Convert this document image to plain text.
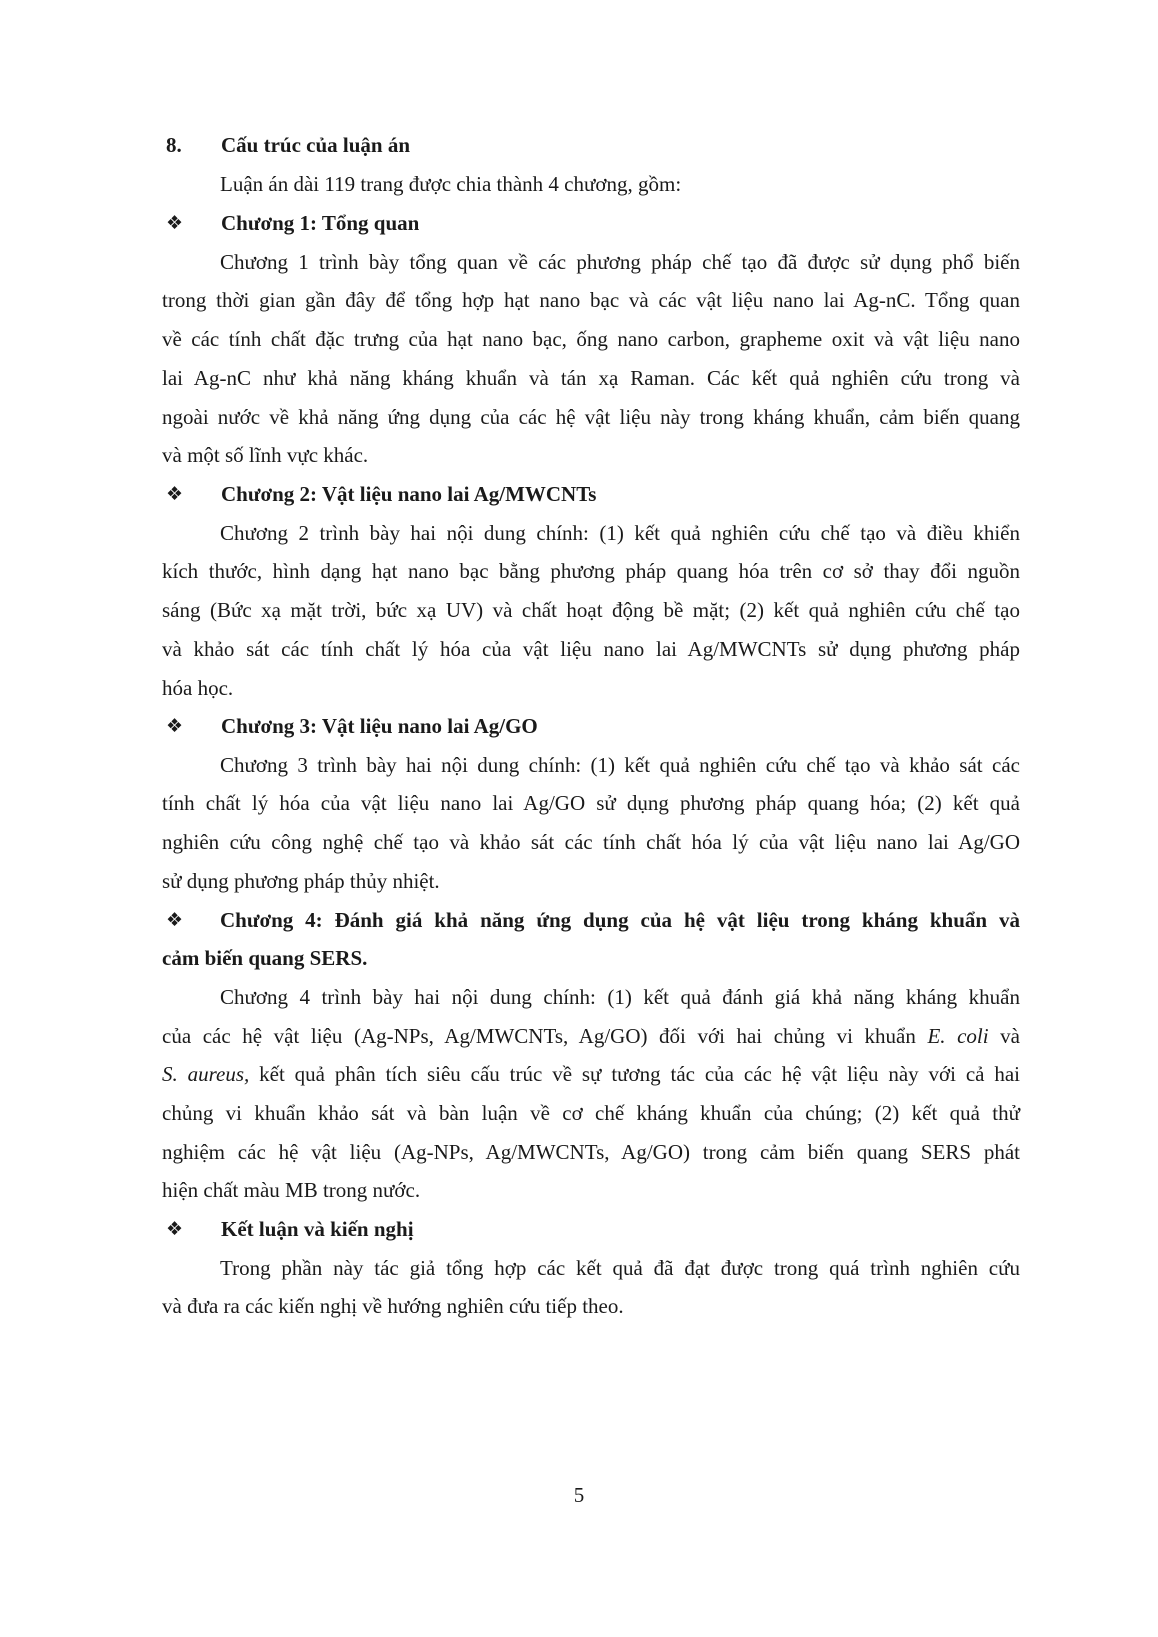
8. Cấu trúc của luận án
Luận án dài 119 trang được chia thành 4 chương, gồm:
❖ Chương 1: Tổng quan
Chương 1 trình bày tổng quan về các phương pháp chế tạo đã được sử dụng phổ biến
trong thời gian gần đây để tổng hợp hạt nano bạc và các vật liệu nano lai Ag-nC. Tổng quan
về các tính chất đặc trưng của hạt nano bạc, ống nano carbon, grapheme oxit và vật liệu nano
lai Ag-nC như khả năng kháng khuẩn và tán xạ Raman. Các kết quả nghiên cứu trong và
ngoài nước về khả năng ứng dụng của các hệ vật liệu này trong kháng khuẩn, cảm biến quang
và một số lĩnh vực khác.
❖ Chương 2: Vật liệu nano lai Ag/MWCNTs
Chương 2 trình bày hai nội dung chính: (1) kết quả nghiên cứu chế tạo và điều khiển
kích thước, hình dạng hạt nano bạc bằng phương pháp quang hóa trên cơ sở thay đổi nguồn
sáng (Bức xạ mặt trời, bức xạ UV) và chất hoạt động bề mặt; (2) kết quả nghiên cứu chế tạo
và khảo sát các tính chất lý hóa của vật liệu nano lai Ag/MWCNTs sử dụng phương pháp
hóa học.
❖ Chương 3: Vật liệu nano lai Ag/GO
Chương 3 trình bày hai nội dung chính: (1) kết quả nghiên cứu chế tạo và khảo sát các
tính chất lý hóa của vật liệu nano lai Ag/GO sử dụng phương pháp quang hóa; (2) kết quả
nghiên cứu công nghệ chế tạo và khảo sát các tính chất hóa lý của vật liệu nano lai Ag/GO
sử dụng phương pháp thủy nhiệt.
❖ Chương 4: Đánh giá khả năng ứng dụng của hệ vật liệu trong kháng khuẩn và
cảm biến quang SERS.
Chương 4 trình bày hai nội dung chính: (1) kết quả đánh giá khả năng kháng khuẩn
của các hệ vật liệu (Ag-NPs, Ag/MWCNTs, Ag/GO) đối với hai chủng vi khuẩn E. coli và
S. aureus, kết quả phân tích siêu cấu trúc về sự tương tác của các hệ vật liệu này với cả hai
chủng vi khuẩn khảo sát và bàn luận về cơ chế kháng khuẩn của chúng; (2) kết quả thử
nghiệm các hệ vật liệu (Ag-NPs, Ag/MWCNTs, Ag/GO) trong cảm biến quang SERS phát
hiện chất màu MB trong nước.
❖ Kết luận và kiến nghị
Trong phần này tác giả tổng hợp các kết quả đã đạt được trong quá trình nghiên cứu
và đưa ra các kiến nghị về hướng nghiên cứu tiếp theo.
5
